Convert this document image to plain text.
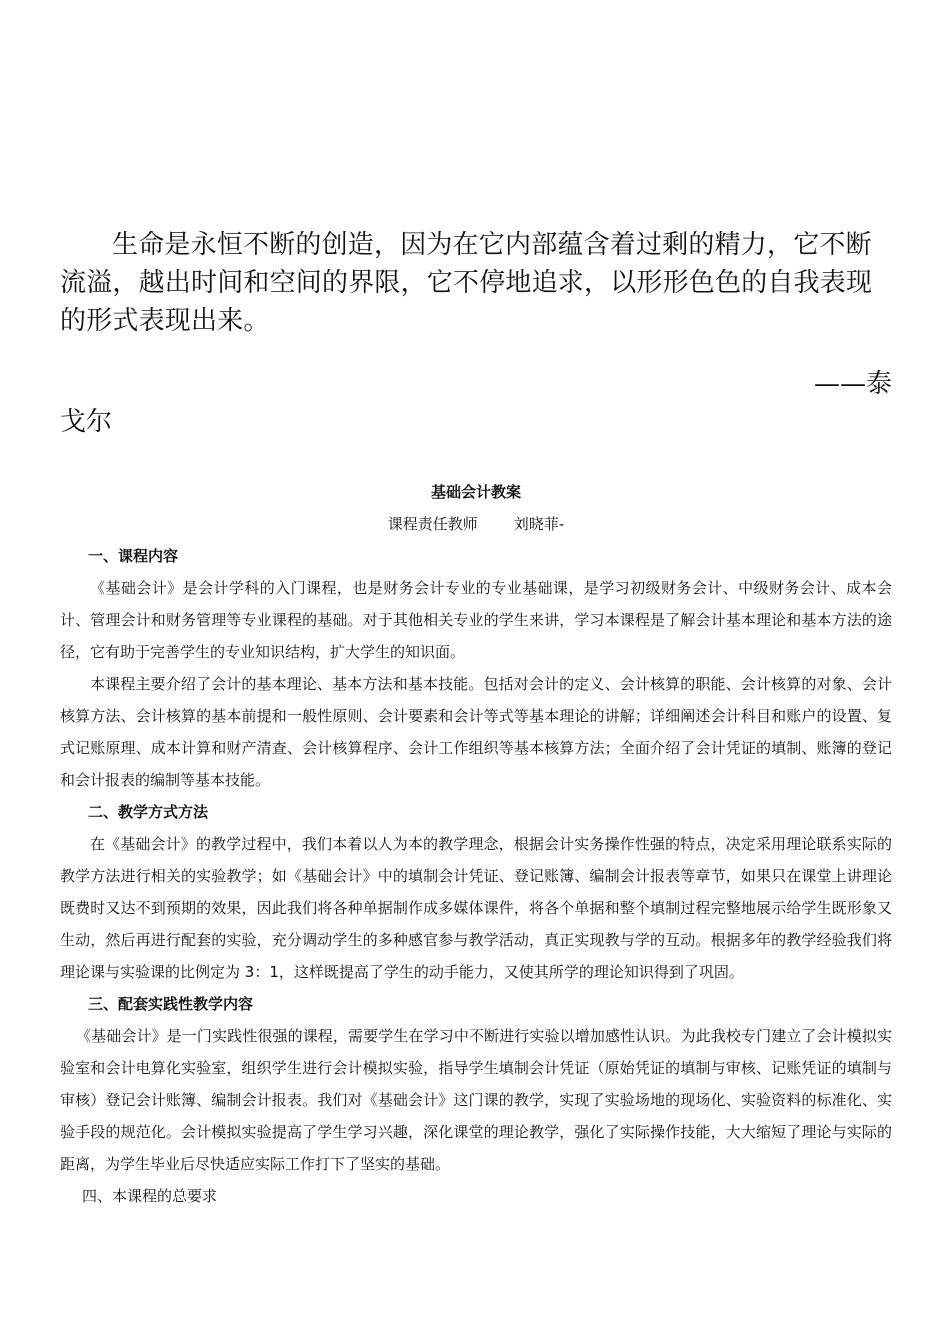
生命是永恒不断的创造，因为在它内部蕴含着过剩的精力，它不断流溢，越出时间和空间的界限，它不停地追求，以形形色色的自我表现的形式表现出来。
——泰
戈尔
基础会计教案
课程责任教师 刘晓菲-
一、课程内容
《基础会计》是会计学科的入门课程，也是财务会计专业的专业基础课，是学习初级财务会计、中级财务会计、成本会计、管理会计和财务管理等专业课程的基础。对于其他相关专业的学生来讲，学习本课程是了解会计基本理论和基本方法的途径，它有助于完善学生的专业知识结构，扩大学生的知识面。
本课程主要介绍了会计的基本理论、基本方法和基本技能。包括对会计的定义、会计核算的职能、会计核算的对象、会计核算方法、会计核算的基本前提和一般性原则、会计要素和会计等式等基本理论的讲解；详细阐述会计科目和账户的设置、复式记账原理、成本计算和财产清查、会计核算程序、会计工作组织等基本核算方法；全面介绍了会计凭证的填制、账簿的登记和会计报表的编制等基本技能。
二、教学方式方法
在《基础会计》的教学过程中，我们本着以人为本的教学理念，根据会计实务操作性强的特点，决定采用理论联系实际的教学方法进行相关的实验教学；如《基础会计》中的填制会计凭证、登记账簿、编制会计报表等章节，如果只在课堂上讲理论既费时又达不到预期的效果，因此我们将各种单据制作成多媒体课件，将各个单据和整个填制过程完整地展示给学生既形象又生动，然后再进行配套的实验，充分调动学生的多种感官参与教学活动，真正实现教与学的互动。根据多年的教学经验我们将理论课与实验课的比例定为 3：1，这样既提高了学生的动手能力，又使其所学的理论知识得到了巩固。
三、配套实践性教学内容
《基础会计》是一门实践性很强的课程，需要学生在学习中不断进行实验以增加感性认识。为此我校专门建立了会计模拟实验室和会计电算化实验室，组织学生进行会计模拟实验，指导学生填制会计凭证（原始凭证的填制与审核、记账凭证的填制与审核）登记会计账簿、编制会计报表。我们对《基础会计》这门课的教学，实现了实验场地的现场化、实验资料的标准化、实验手段的规范化。会计模拟实验提高了学生学习兴趣，深化课堂的理论教学，强化了实际操作技能，大大缩短了理论与实际的距离，为学生毕业后尽快适应实际工作打下了坚实的基础。
四、本课程的总要求
